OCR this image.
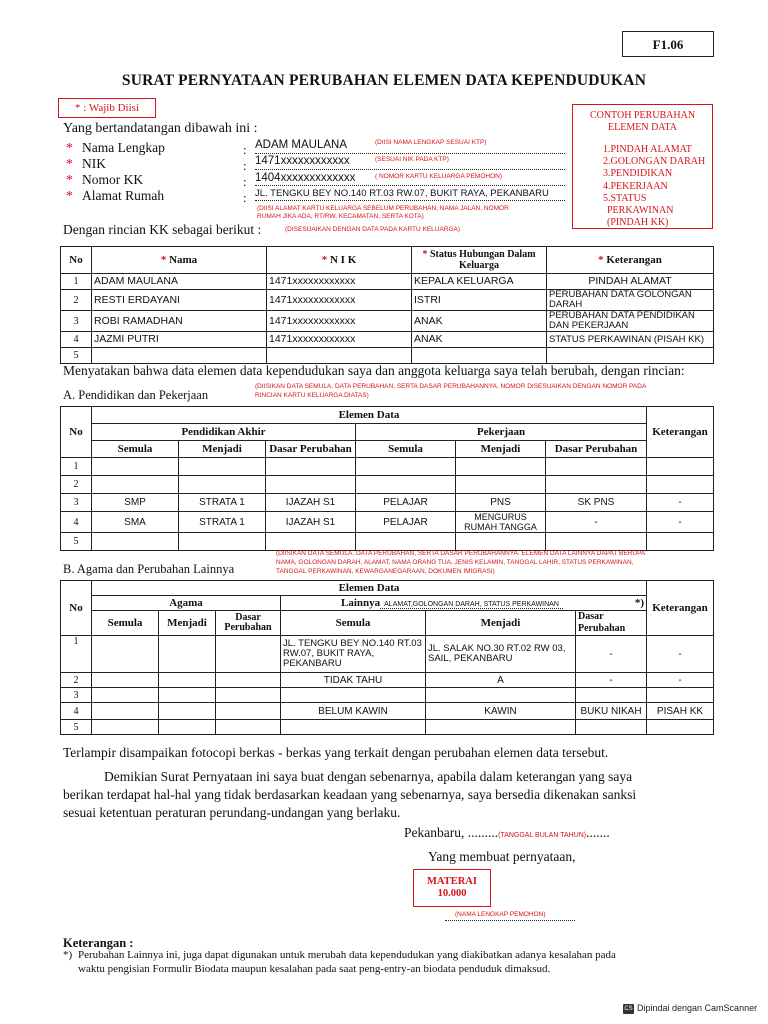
F1.06
SURAT PERNYATAAN PERUBAHAN ELEMEN DATA KEPENDUDUKAN
* : Wajib Diisi
CONTOH PERUBAHAN
ELEMEN DATA
1.PINDAH ALAMAT
2.GOLONGAN DARAH
3.PENDIDIKAN
4.PEKERJAAN
5.STATUS PERKAWINAN (PINDAH KK)
Yang bertandatangan dibawah ini :
* Nama Lengkap	: ADAM MAULANA	(DIISI NAMA LENGKAP SESUAI KTP)
* NIK	: 1471xxxxxxxxxxxx	(SESUAI NIK PADA KTP)
* Nomor KK	: 1404xxxxxxxxxxxxx	( NOMOR KARTU KELUARGA PEMOHON)
* Alamat Rumah	: JL. TENGKU BEY NO.140 RT.03 RW.07, BUKIT RAYA, PEKANBARU
(DIISI ALAMAT KARTU KELUARGA SEBELUM PERUBAHAN, NAMA JALAN, NOMOR
RUMAH JIKA ADA, RT/RW, KECAMATAN, SERTA KOTA)
Dengan rincian KK sebagai berikut :	(DISESUAIKAN DENGAN DATA PADA KARTU KELUARGA)
No	* Nama	* N I K	* Status Hubungan Dalam Keluarga	* Keterangan
1	ADAM MAULANA	1471xxxxxxxxxxxx	KEPALA KELUARGA	PINDAH ALAMAT
2	RESTI ERDAYANI	1471xxxxxxxxxxxx	ISTRI	PERUBAHAN DATA GOLONGAN DARAH
3	ROBI RAMADHAN	1471xxxxxxxxxxxx	ANAK	PERUBAHAN DATA PENDIDIKAN DAN PEKERJAAN
4	JAZMI PUTRI	1471xxxxxxxxxxxx	ANAK	STATUS PERKAWINAN (PISAH KK)
5				
Menyatakan bahwa data elemen data kependudukan saya dan anggota keluarga saya telah berubah, dengan rincian:
A. Pendidikan dan Pekerjaan
(DIISIKAN DATA SEMULA, DATA PERUBAHAN, SERTA DASAR PERUBAHANNYA. NOMOR DISESUAIKAN DENGAN NOMOR PADA
RINCIAN KARTU KELUARGA DIATAS)
No	Elemen Data						Keterangan
	Pendidikan Akhir			Pekerjaan			
	Semula	Menjadi	Dasar Perubahan	Semula	Menjadi	Dasar Perubahan	
1							
2							
3	SMP	STRATA 1	IJAZAH S1	PELAJAR	PNS	SK PNS	-
4	SMA	STRATA 1	IJAZAH S1	PELAJAR	MENGURUS RUMAH TANGGA	-	-
5							
B. Agama dan Perubahan Lainnya
(DIISIKAN DATA SEMULA, DATA PERUBAHAN, SERTA DASAR PERUBAHANNYA. ELEMEN DATA LAINNYA DAPAT BERUPA
NAMA, GOLONGAN DARAH, ALAMAT, NAMA ORANG TUA, JENIS KELAMIN, TANGGAL LAHIR, STATUS PERKAWINAN,
TANGGAL PERKAWINAN, KEWARGANEGARAAN, DOKUMEN IMIGRASI)
No	Elemen Data						Keterangan
	Agama			Lainnya ALAMAT,GOLONGAN DARAH, STATUS PERKAWINAN *)			

	Semula	Menjadi	Dasar Perubahan	Semula	Menjadi	Dasar Perubahan	
1				JL. TENGKU BEY NO.140 RT.03 RW.07, BUKIT RAYA, PEKANBARU	JL. SALAK NO.30 RT.02 RW 03, SAIL, PEKANBARU	-	-
2				TIDAK TAHU	A	-	-
3							
4				BELUM KAWIN	KAWIN	BUKU NIKAH	PISAH KK
5							
Terlampir disampaikan fotocopi berkas - berkas yang terkait dengan perubahan elemen data tersebut.
Demikian Surat Pernyataan ini saya buat dengan sebenarnya, apabila dalam keterangan yang saya
berikan terdapat hal-hal yang tidak berdasarkan keadaan yang sebenarnya, saya bersedia dikenakan sanksi
sesuai ketentuan peraturan perundang-undangan yang berlaku.
Pekanbaru, .........(TANGGAL BULAN TAHUN).......
Yang membuat pernyataan,
MATERAI
10.000
(NAMA LENGKAP PEMOHON)
Keterangan :
*) Perubahan Lainnya ini, juga dapat digunakan untuk merubah data kependudukan yang diakibatkan adanya kesalahan pada
waktu pengisian Formulir Biodata maupun kesalahan pada saat peng-entry-an biodata penduduk dimaksud.
CS Dipindai dengan CamScanner
